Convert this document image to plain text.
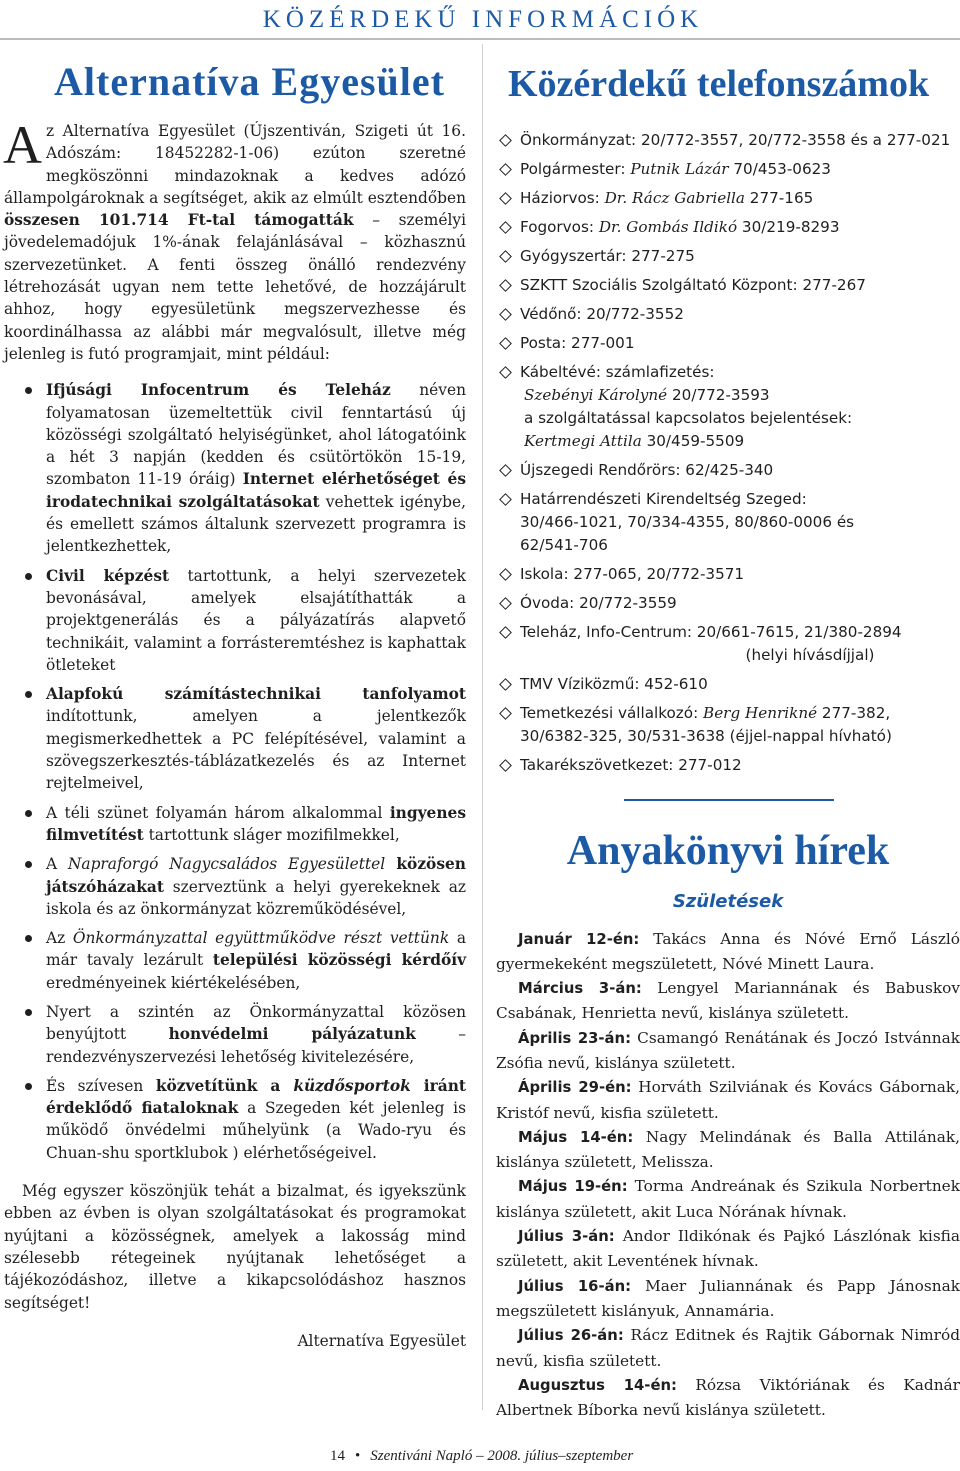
KÖZÉRDEKŰ INFORMÁCIÓK
Alternatíva Egyesület

Az Alternatíva Egyesület (Újszentiván, Szigeti út 16. Adószám: 18452282-1-06) ezúton szeretné megköszönni mindazoknak a kedves adózó állampolgároknak a segítséget, akik az elmúlt esztendőben összesen 101.714 Ft-tal támogatták – személyi jövedelemadójuk 1%-ának felajánlásával – közhasznú szervezetünket. A fenti összeg önálló rendezvény létrehozását ugyan nem tette lehetővé, de hozzájárult ahhoz, hogy egyesületünk megszervezhesse és koordinálhassa az alábbi már megvalósult, illetve még jelenleg is futó programjait, mint például:

Ifjúsági Infocentrum és Teleház néven folyamatosan üzemeltettük civil fenntartású új közösségi szolgáltató helyiségünket, ahol látogatóink a hét 3 napján (kedden és csütörtökön 15-19, szombaton 11-19 óráig) Internet elérhetőséget és irodatechnikai szolgáltatásokat vehettek igénybe, és emellett számos általunk szervezett programra is jelentkezhettek,
Civil képzést tartottunk, a helyi szervezetek bevonásával, amelyek elsajátíthatták a projektgenerálás és a pályázatírás alapvető technikáit, valamint a forrásteremtéshez is kaphattak ötleteket
Alapfokú számítástechnikai tanfolyamot indítottunk, amelyen a jelentkezők megismerkedhettek a PC felépítésével, valamint a szövegszerkesztés-táblázatkezelés és az Internet rejtelmeivel,
A téli szünet folyamán három alkalommal ingyenes filmvetítést tartottunk sláger mozifilmekkel,
A Napraforgó Nagycsaládos Egyesülettel közösen játszóházakat szerveztünk a helyi gyerekeknek az iskola és az önkormányzat közreműködésével,
Az Önkormányzattal együttműködve részt vettünk a már tavaly lezárult települési közösségi kérdőív eredményeinek kiértékelésében,
Nyert a szintén az Önkormányzattal közösen benyújtott honvédelmi pályázatunk – rendezvényszervezési lehetőség kivitelezésére,
És szívesen közvetítünk a küzdősportok iránt érdeklődő fiataloknak a Szegeden két jelenleg is működő önvédelmi műhelyünk (a Wado-ryu és Chuan-shu sportklubok ) elérhetőségeivel.

Még egyszer köszönjük tehát a bizalmat, és igyekszünk ebben az évben is olyan szolgáltatásokat és programokat nyújtani a közösségnek, amelyek a lakosság mind szélesebb rétegeinek nyújtanak lehetőséget a tájékozódáshoz, illetve a kikapcsolódáshoz hasznos segítséget!

Alternatíva Egyesület

Közérdekű telefonszámok
Önkormányzat: 20/772-3557, 20/772-3558 és a 277-021
Polgármester: Putnik Lázár 70/453-0623
Háziorvos: Dr. Rácz Gabriella 277-165
Fogorvos: Dr. Gombás Ildikó 30/219-8293
Gyógyszertár: 277-275
SZKTT Szociális Szolgáltató Központ: 277-267
Védőnő: 20/772-3552
Posta: 277-001
Kábeltévé: számlafizetés:
Szebényi Károlyné 20/772-3593
a szolgáltatással kapcsolatos bejelentések:
Kertmegi Attila 30/459-5509
Újszegedi Rendőrörs: 62/425-340
Határrendészeti Kirendeltség Szeged:
30/466-1021, 70/334-4355, 80/860-0006 és
62/541-706
Iskola: 277-065, 20/772-3571
Óvoda: 20/772-3559
Teleház, Info-Centrum: 20/661-7615, 21/380-2894
(helyi hívásdíjjal)
TMV Víziközmű: 452-610
Temetkezési vállalkozó: Berg Henrikné 277-382,
30/6382-325, 30/531-3638 (éjjel-nappal hívható)
Takarékszövetkezet: 277-012
Anyakönyvi hírek
Születések

Január 12-én: Takács Anna és Nóvé Ernő László gyermekeként megszületett, Nóvé Minett Laura.

Március 3-án: Lengyel Mariannának és Babuskov Csabának, Henrietta nevű, kislánya született.

Április 23-án: Csamangó Renátának és Joczó Istvánnak Zsófia nevű, kislánya született.

Április 29-én: Horváth Szilviának és Kovács Gábornak, Kristóf nevű, kisfia született.

Május 14-én: Nagy Melindának és Balla Attilának, kislánya született, Melissza.

Május 19-én: Torma Andreának és Szikula Norbertnek kislánya született, akit Luca Nórának hívnak.

Július 3-án: Andor Ildikónak és Pajkó Lászlónak kisfia született, akit Leventének hívnak.

Július 16-án: Maer Juliannának és Papp Jánosnak megszületett kislányuk, Annamária.

Július 26-án: Rácz Editnek és Rajtik Gábornak Nimród nevű, kisfia született.

Augusztus 14-én: Rózsa Viktóriának és Kadnár Albertnek Bíborka nevű kislánya született.

14 • Szentiváni Napló – 2008. július–szeptember
